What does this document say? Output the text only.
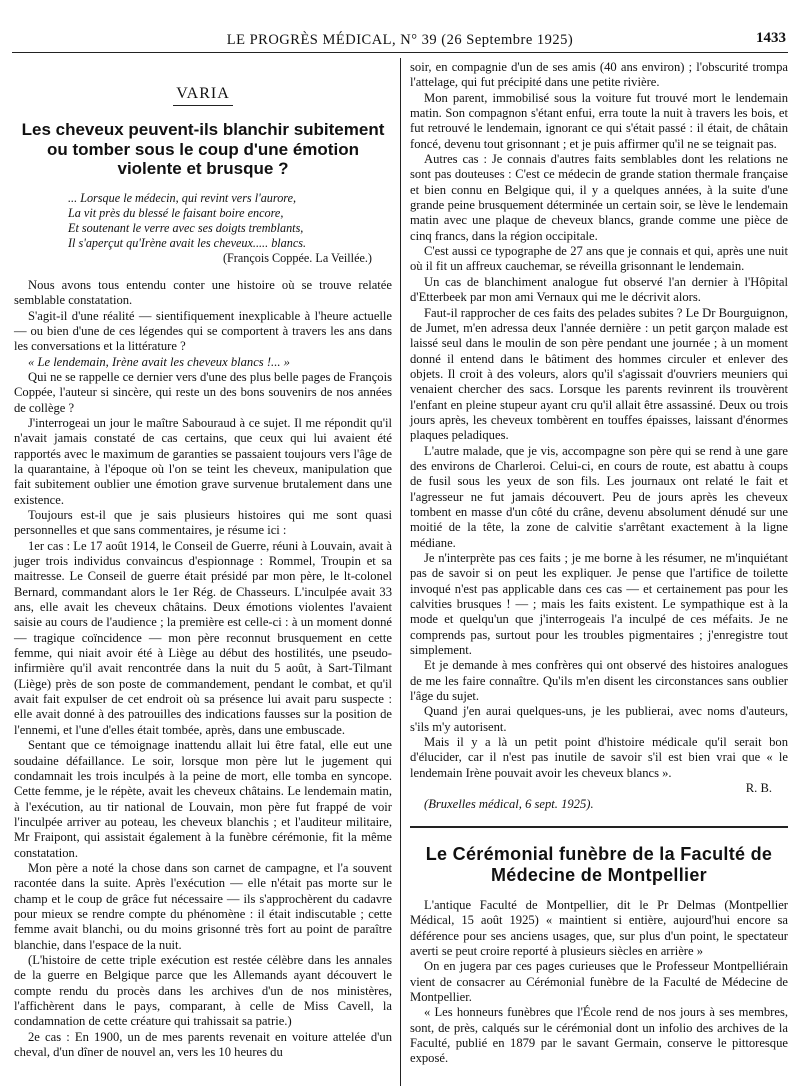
LE PROGRÈS MÉDICAL, N° 39 (26 Septembre 1925)	1433
VARIA
Les cheveux peuvent-ils blanchir subitement ou tomber sous le coup d'une émotion violente et brusque ?
... Lorsque le médecin, qui revint vers l'aurore,
La vit près du blessé le faisant boire encore,
Et soutenant le verre avec ses doigts tremblants,
Il s'aperçut qu'Irène avait les cheveux..... blancs.
(François Coppée. La Veillée.)

Nous avons tous entendu conter une histoire où se trouve relatée semblable constatation.

S'agit-il d'une réalité — sientifiquement inexplicable à l'heure actuelle — ou bien d'une de ces légendes qui se comportent à travers les ans dans les conversations et la littérature ?

« Le lendemain, Irène avait les cheveux blancs !... »

Qui ne se rappelle ce dernier vers d'une des plus belle pages de François Coppée, l'auteur si sincère, qui reste un des bons souvenirs de nos années de collège ?

J'interrogeai un jour le maître Sabouraud à ce sujet. Il me répondit qu'il n'avait jamais constaté de cas certains, que ceux qui lui avaient été rapportés avec le maximum de garanties se passaient toujours vers l'âge de la quarantaine, à l'époque où l'on se teint les cheveux, manipulation que fait subitement oublier une émotion grave survenue brutalement dans une existence.

Toujours est-il que je sais plusieurs histoires qui me sont quasi personnelles et que sans commentaires, je résume ici :

1er cas : Le 17 août 1914, le Conseil de Guerre, réuni à Louvain, avait à juger trois individus convaincus d'espionnage : Rommel, Troupin et sa maitresse. Le Conseil de guerre était présidé par mon père, le lt-colonel Bernard, commandant alors le 1er Rég. de Chasseurs. L'inculpée avait 33 ans, elle avait les cheveux châtains. Deux émotions violentes l'avaient saisie au cours de l'audience ; la première est celle-ci : à un moment donné — tragique coïncidence — mon père reconnut brusquement en cette femme, qui niait avoir été à Liège au début des hostilités, une pseudo-infirmière qu'il avait rencontrée dans la nuit du 5 août, à Sart-Tilmant (Liège) près de son poste de commandement, pendant le combat, et qu'il avait fait expulser de cet endroit où sa présence lui avait paru suspecte : elle avait donné à des patrouilles des indications fausses sur la position de l'ennemi, et l'une d'elles était tombée, après, dans une embuscade.

Sentant que ce témoignage inattendu allait lui être fatal, elle eut une soudaine défaillance. Le soir, lorsque mon père lut le jugement qui condamnait les trois inculpés à la peine de mort, elle tomba en syncope. Cette femme, je le répète, avait les cheveux châtains. Le lendemain matin, à l'exécution, au tir national de Louvain, mon père fut frappé de voir l'inculpée arriver au poteau, les cheveux blanchis ; et l'auditeur militaire, Mr Fraipont, qui assistait également à la funèbre cérémonie, fit la même constatation.

Mon père a noté la chose dans son carnet de campagne, et l'a souvent racontée dans la suite. Après l'exécution — elle n'était pas morte sur le champ et le coup de grâce fut nécessaire — ils s'approchèrent du cadavre pour mieux se rendre compte du phénomène : il était indiscutable ; cette femme avait blanchi, ou du moins grisonné très fort au point de paraître blanchie, dans l'espace de la nuit.

(L'histoire de cette triple exécution est restée célèbre dans les annales de la guerre en Belgique parce que les Allemands ayant découvert le compte rendu du procès dans les archives d'un de nos ministères, l'affichèrent dans le pays, comparant, à celle de Miss Cavell, la condamnation de cette créature qui trahissait sa patrie.)

2e cas : En 1900, un de mes parents revenait en voiture attelée d'un cheval, d'un dîner de nouvel an, vers les 10 heures du

soir, en compagnie d'un de ses amis (40 ans environ) ; l'obscurité trompa l'attelage, qui fut précipité dans une petite rivière.

Mon parent, immobilisé sous la voiture fut trouvé mort le lendemain matin. Son compagnon s'étant enfui, erra toute la nuit à travers les bois, et fut retrouvé le lendemain, ignorant ce qui s'était passé : il était, de châtain foncé, devenu tout grisonnant ; et je puis affirmer qu'il ne se teignait pas.

Autres cas : Je connais d'autres faits semblables dont les relations ne sont pas douteuses : C'est ce médecin de grande station thermale française et bien connu en Belgique qui, il y a quelques années, à la suite d'une grande peine brusquement déterminée un certain soir, se lève le lendemain matin avec une plaque de cheveux blancs, grande comme une pièce de cinq francs, dans la région occipitale.

C'est aussi ce typographe de 27 ans que je connais et qui, après une nuit où il fit un affreux cauchemar, se réveilla grisonnant le lendemain.

Un cas de blanchiment analogue fut observé l'an dernier à l'Hôpital d'Etterbeek par mon ami Vernaux qui me le décrivit alors.

Faut-il rapprocher de ces faits des pelades subites ? Le Dr Bourguignon, de Jumet, m'en adressa deux l'année dernière : un petit garçon malade est laissé seul dans le moulin de son père pendant une journée ; à un moment donné il entend dans le bâtiment des hommes circuler et enlever des objets. Il croit à des voleurs, alors qu'il s'agissait d'ouvriers meuniers qui venaient chercher des sacs. Lorsque les parents revinrent ils trouvèrent l'enfant en pleine stupeur ayant cru qu'il allait être assassiné. Deux ou trois jours après, les cheveux tombèrent en touffes épaisses, laissant d'énormes plaques peladiques.

L'autre malade, que je vis, accompagne son père qui se rend à une gare des environs de Charleroi. Celui-ci, en cours de route, est abattu à coups de fusil sous les yeux de son fils. Les journaux ont relaté le fait et l'agresseur ne fut jamais découvert. Peu de jours après les cheveux tombent en masse d'un côté du crâne, devenu absolument dénudé sur une moitié de la tête, la zone de calvitie s'arrêtant exactement à la ligne médiane.

Je n'interprète pas ces faits ; je me borne à les résumer, ne m'inquiétant pas de savoir si on peut les expliquer. Je pense que l'artifice de toilette invoqué n'est pas applicable dans ces cas — et certainement pas pour les calvities brusques ! — ; mais les faits existent. Le sympathique est à la mode et quelqu'un que j'interrogeais l'a inculpé de ces méfaits. Je ne comprends pas, surtout pour les troubles pigmentaires ; j'enregistre tout simplement.

Et je demande à mes confrères qui ont observé des histoires analogues de me les faire connaître. Qu'ils m'en disent les circonstances sans oublier l'âge du sujet.

Quand j'en aurai quelques-uns, je les publierai, avec noms d'auteurs, s'ils m'y autorisent.

Mais il y a là un petit point d'histoire médicale qu'il serait bon d'élucider, car il n'est pas inutile de savoir s'il est bien vrai que « le lendemain Irène pouvait avoir les cheveux blancs ».

R. B.

(Bruxelles médical, 6 sept. 1925).

Le Cérémonial funèbre de la Faculté de Médecine de Montpellier

L'antique Faculté de Montpellier, dit le Pr Delmas (Montpellier Médical, 15 août 1925) « maintient si entière, aujourd'hui encore sa déférence pour ses anciens usages, que, sur plus d'un point, le spectateur averti se peut croire reporté à plusieurs siècles en arrière »

On en jugera par ces pages curieuses que le Professeur Montpelliérain vient de consacrer au Cérémonial funèbre de la Faculté de Médecine de Montpellier.

« Les honneurs funèbres que l'École rend de nos jours à ses membres, sont, de près, calqués sur le cérémonial dont un infolio des archives de la Faculté, publié en 1879 par le savant Germain, conserve le pittoresque exposé.
